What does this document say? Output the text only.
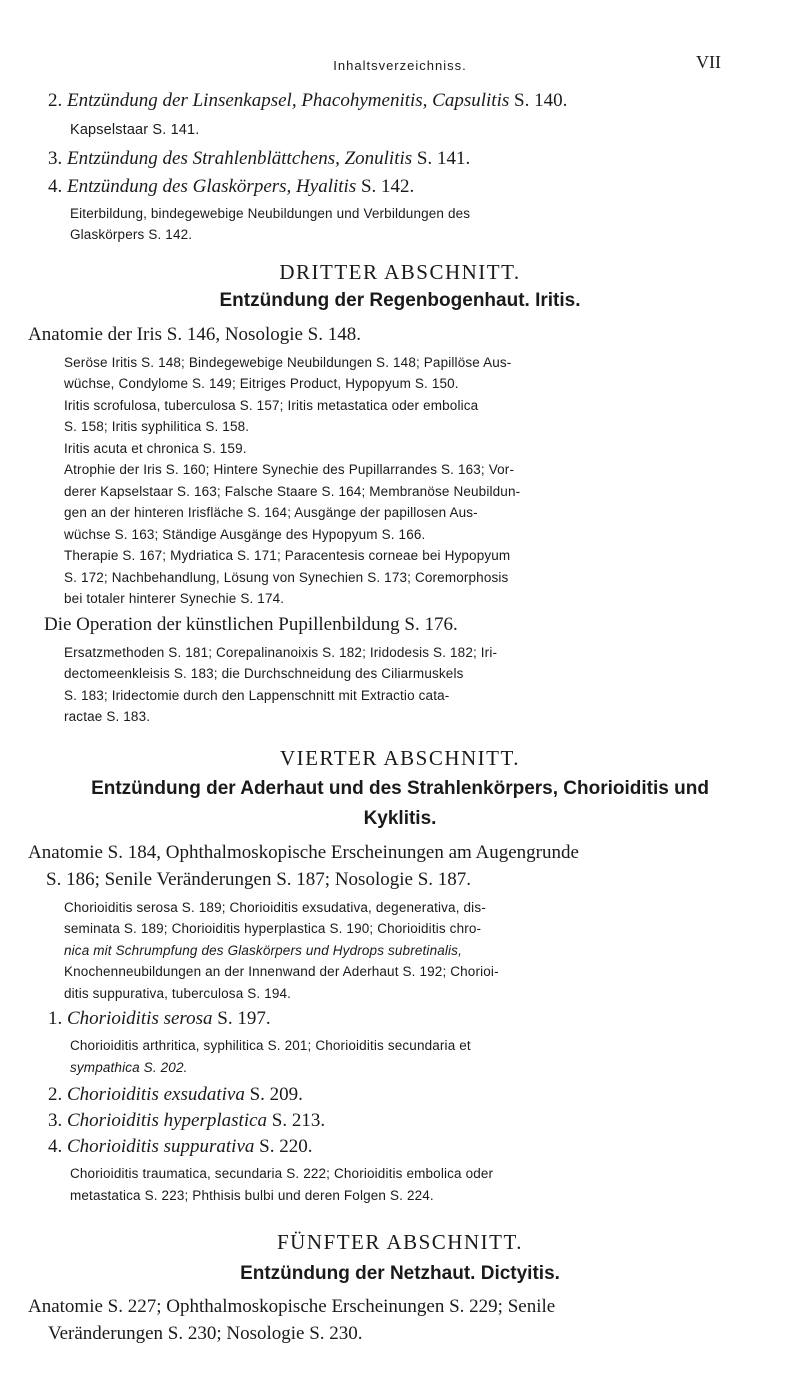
Inhaltsverzeichniss.	VII
2. Entzündung der Linsenkapsel, Phacohymenitis, Capsulitis S. 140.
Kapselstaar S. 141.
3. Entzündung des Strahlenblättchens, Zonulitis S. 141.
4. Entzündung des Glaskörpers, Hyalitis S. 142.
Eiterbildung, bindegewebige Neubildungen und Verbildungen des
Glaskörpers S. 142.
DRITTER ABSCHNITT.
Entzündung der Regenbogenhaut. Iritis.
Anatomie der Iris S. 146, Nosologie S. 148.
Seröse Iritis S. 148; Bindegewebige Neubildungen S. 148; Papillöse Aus-
wüchse, Condylome S. 149; Eitriges Product, Hypopyum S. 150.
Iritis scrofulosa, tuberculosa S. 157; Iritis metastatica oder embolica
S. 158; Iritis syphilitica S. 158.
Iritis acuta et chronica S. 159.
Atrophie der Iris S. 160; Hintere Synechie des Pupillarrandes S. 163; Vor-
derer Kapselstaar S. 163; Falsche Staare S. 164; Membranöse Neubildun-
gen an der hinteren Irisfläche S. 164; Ausgänge der papillosen Aus-
wüchse S. 163; Ständige Ausgänge des Hypopyum S. 166.
Therapie S. 167; Mydriatica S. 171; Paracentesis corneae bei Hypopyum
S. 172; Nachbehandlung, Lösung von Synechien S. 173; Coremorphosis
bei totaler hinterer Synechie S. 174.
Die Operation der künstlichen Pupillenbildung S. 176.
Ersatzmethoden S. 181; Corepalinanoixis S. 182; Iridodesis S. 182; Iri-
dectomeenkleisis S. 183; die Durchschneidung des Ciliarmuskels
S. 183; Iridectomie durch den Lappenschnitt mit Extractio cata-
ractae S. 183.
VIERTER ABSCHNITT.
Entzündung der Aderhaut und des Strahlenkörpers, Chorioiditis und
Kyklitis.
Anatomie S. 184, Ophthalmoskopische Erscheinungen am Augengrunde
S. 186; Senile Veränderungen S. 187; Nosologie S. 187.
Chorioiditis serosa S. 189; Chorioiditis exsudativa, degenerativa, dis-
seminata S. 189; Chorioiditis hyperplastica S. 190; Chorioiditis chro-
nica mit Schrumpfung des Glaskörpers und Hydrops subretinalis,
Knochenneubildungen an der Innenwand der Aderhaut S. 192; Chorioi-
ditis suppurativa, tuberculosa S. 194.
1. Chorioiditis serosa S. 197.
Chorioiditis arthritica, syphilitica S. 201; Chorioiditis secundaria et
sympathica S. 202.
2. Chorioiditis exsudativa S. 209.
3. Chorioiditis hyperplastica S. 213.
4. Chorioiditis suppurativa S. 220.
Chorioiditis traumatica, secundaria S. 222; Chorioiditis embolica oder
metastatica S. 223; Phthisis bulbi und deren Folgen S. 224.
FÜNFTER ABSCHNITT.
Entzündung der Netzhaut. Dictyitis.
Anatomie S. 227; Ophthalmoskopische Erscheinungen S. 229; Senile
Veränderungen S. 230; Nosologie S. 230.
